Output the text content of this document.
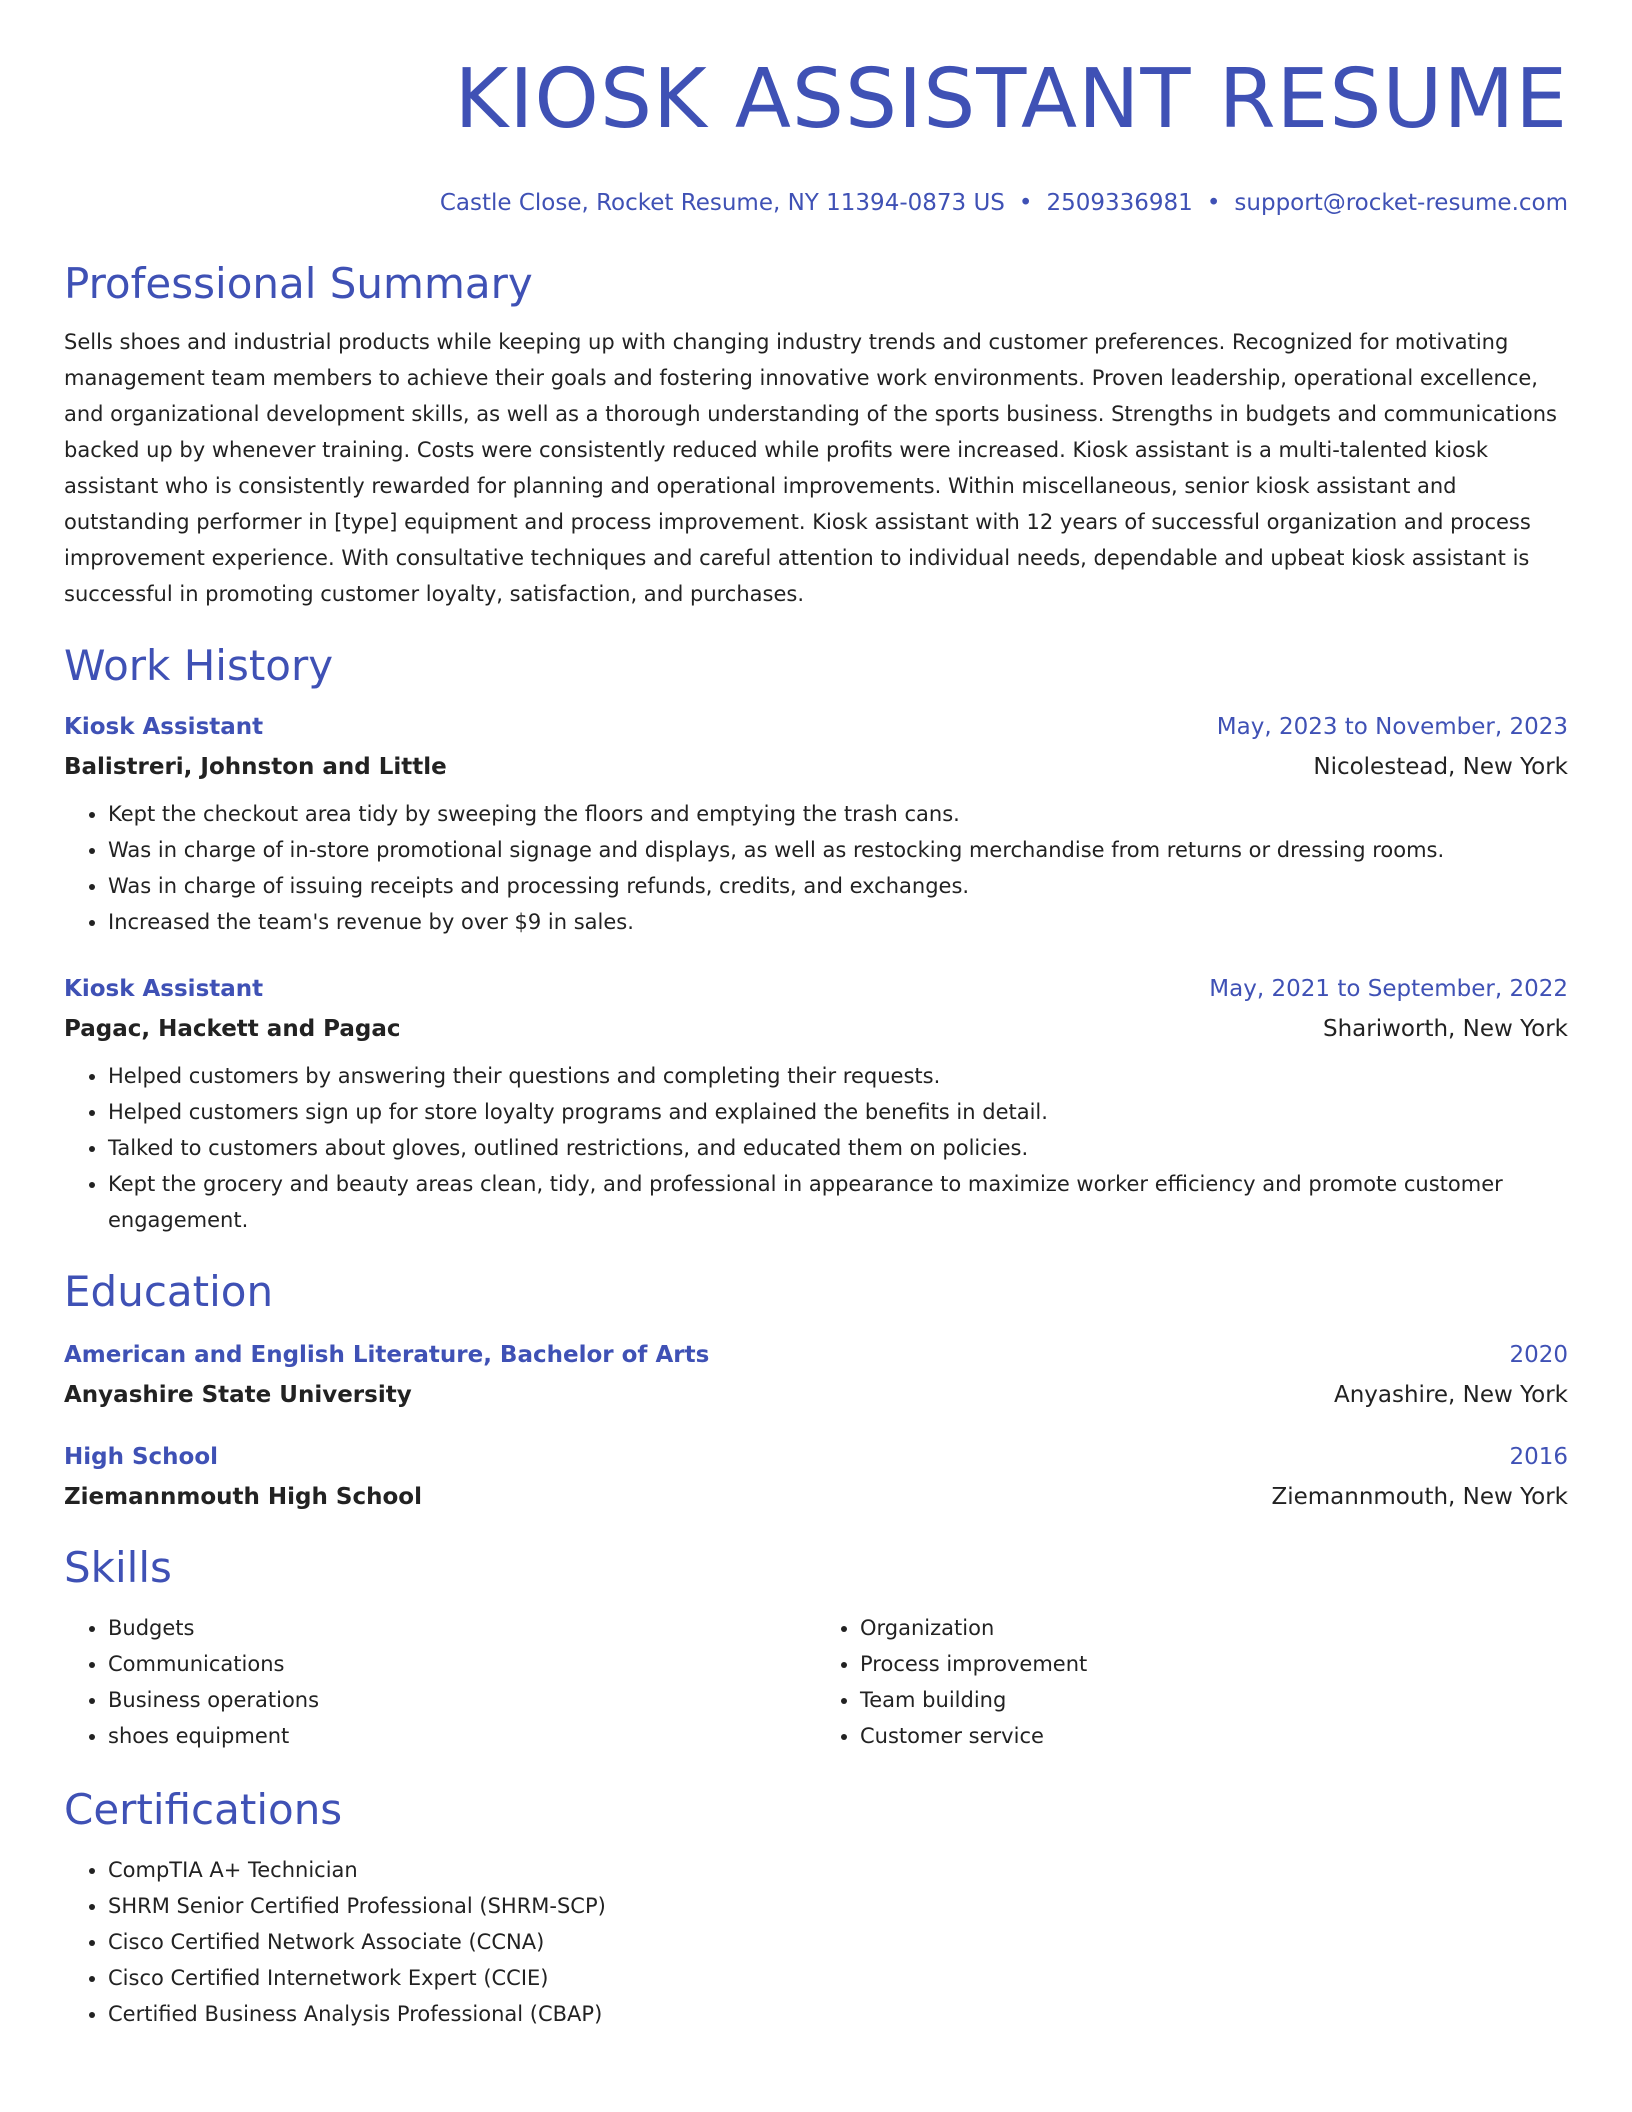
KIOSK ASSISTANT RESUME
Castle Close, Rocket Resume, NY 11394-0873 US • 2509336981 • support@rocket-resume.com
Professional Summary
Sells shoes and industrial products while keeping up with changing industry trends and customer preferences. Recognized for motivating management team members to achieve their goals and fostering innovative work environments. Proven leadership, operational excellence, and organizational development skills, as well as a thorough understanding of the sports business. Strengths in budgets and communications backed up by whenever training. Costs were consistently reduced while profits were increased. Kiosk assistant is a multi-talented kiosk assistant who is consistently rewarded for planning and operational improvements. Within miscellaneous, senior kiosk assistant and outstanding performer in [type] equipment and process improvement. Kiosk assistant with 12 years of successful organization and process improvement experience. With consultative techniques and careful attention to individual needs, dependable and upbeat kiosk assistant is successful in promoting customer loyalty, satisfaction, and purchases.
Work History
Kiosk Assistant	May, 2023 to November, 2023
Balistreri, Johnston and Little	Nicolestead, New York
• Kept the checkout area tidy by sweeping the floors and emptying the trash cans.
• Was in charge of in-store promotional signage and displays, as well as restocking merchandise from returns or dressing rooms.
• Was in charge of issuing receipts and processing refunds, credits, and exchanges.
• Increased the team's revenue by over $9 in sales.
Kiosk Assistant	May, 2021 to September, 2022
Pagac, Hackett and Pagac	Shariworth, New York
• Helped customers by answering their questions and completing their requests.
• Helped customers sign up for store loyalty programs and explained the benefits in detail.
• Talked to customers about gloves, outlined restrictions, and educated them on policies.
• Kept the grocery and beauty areas clean, tidy, and professional in appearance to maximize worker efficiency and promote customer engagement.
Education
American and English Literature, Bachelor of Arts	2020
Anyashire State University	Anyashire, New York
High School	2016
Ziemannmouth High School	Ziemannmouth, New York
Skills
• Budgets
• Communications
• Business operations
• shoes equipment
• Organization
• Process improvement
• Team building
• Customer service
Certifications
• CompTIA A+ Technician
• SHRM Senior Certified Professional (SHRM-SCP)
• Cisco Certified Network Associate (CCNA)
• Cisco Certified Internetwork Expert (CCIE)
• Certified Business Analysis Professional (CBAP)
